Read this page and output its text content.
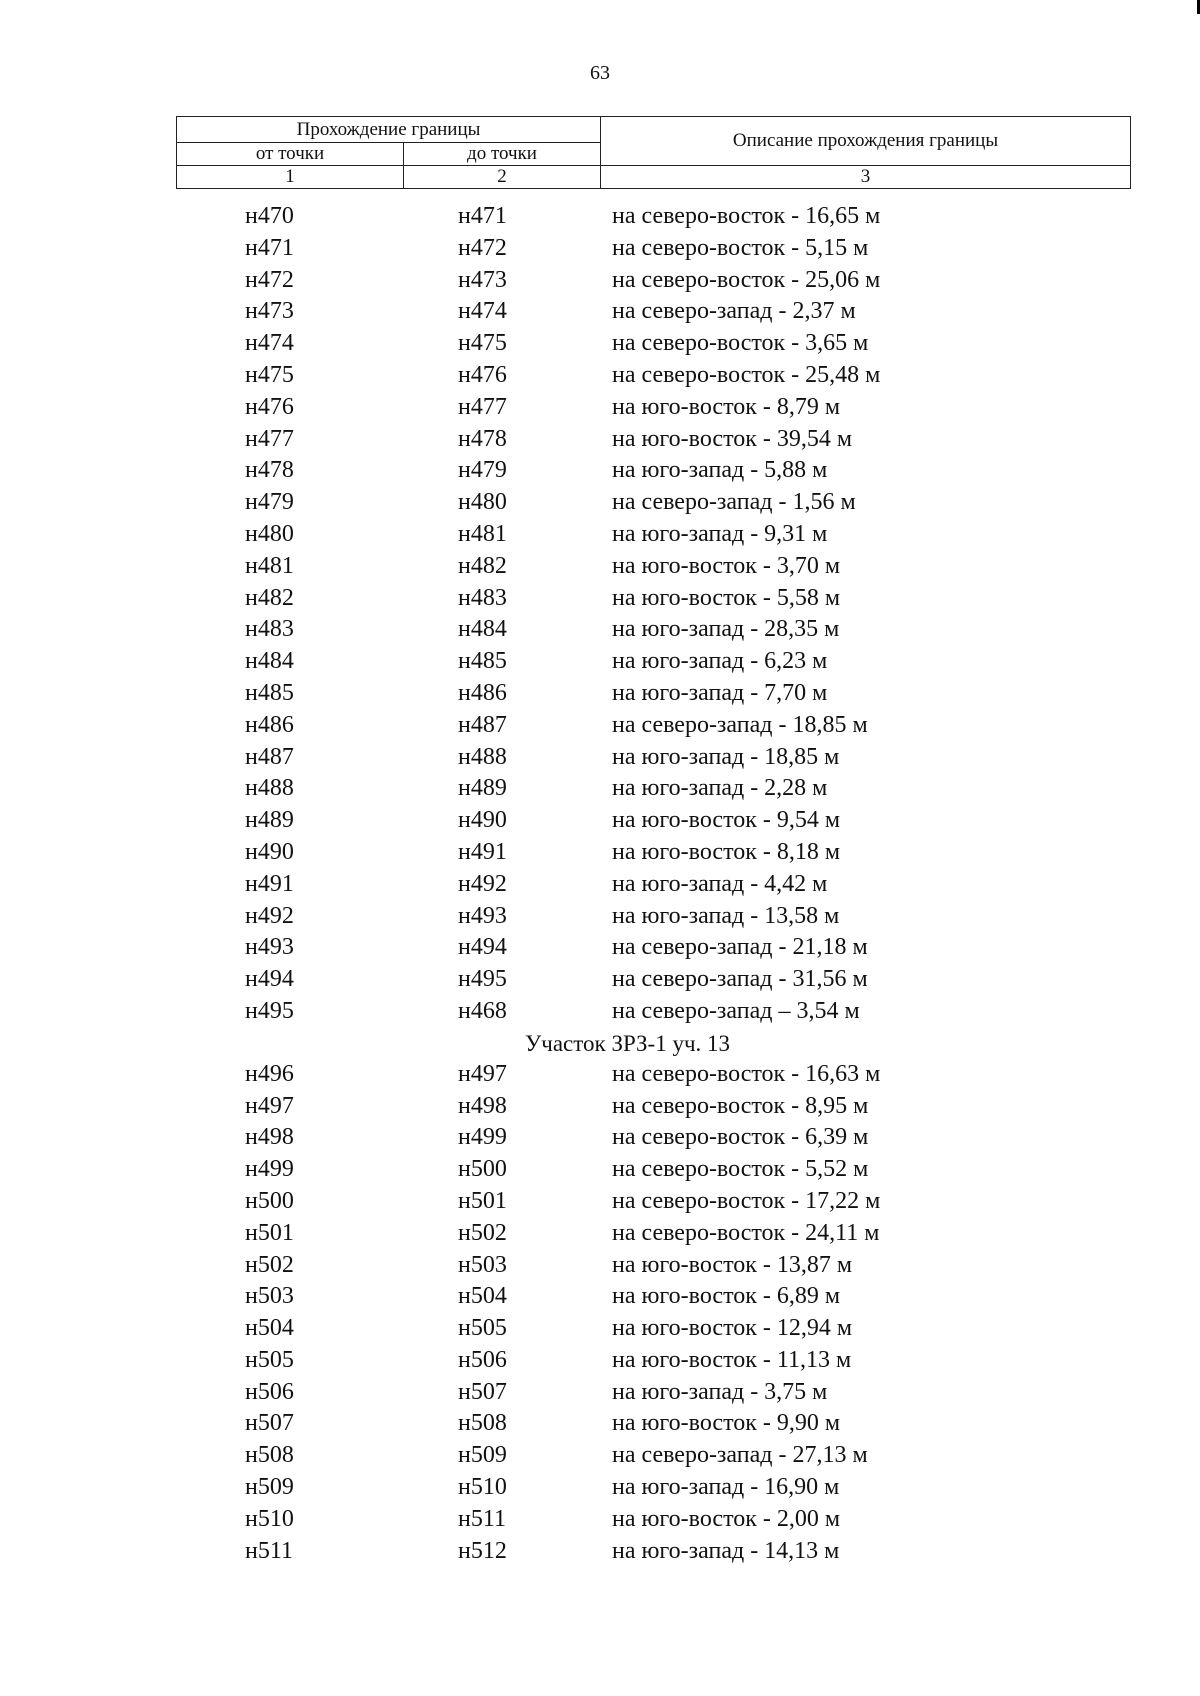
63
Прохождение границы		Описание прохождения границы
от точки	до точки	
1	2	3
н470	н471	на северо-восток - 16,65 м
н471	н472	на северо-восток - 5,15 м
н472	н473	на северо-восток - 25,06 м
н473	н474	на северо-запад - 2,37 м
н474	н475	на северо-восток - 3,65 м
н475	н476	на северо-восток - 25,48 м
н476	н477	на юго-восток - 8,79 м
н477	н478	на юго-восток - 39,54 м
н478	н479	на юго-запад - 5,88 м
н479	н480	на северо-запад - 1,56 м
н480	н481	на юго-запад - 9,31 м
н481	н482	на юго-восток - 3,70 м
н482	н483	на юго-восток - 5,58 м
н483	н484	на юго-запад - 28,35 м
н484	н485	на юго-запад - 6,23 м
н485	н486	на юго-запад - 7,70 м
н486	н487	на северо-запад - 18,85 м
н487	н488	на юго-запад - 18,85 м
н488	н489	на юго-запад - 2,28 м
н489	н490	на юго-восток - 9,54 м
н490	н491	на юго-восток - 8,18 м
н491	н492	на юго-запад - 4,42 м
н492	н493	на юго-запад - 13,58 м
н493	н494	на северо-запад - 21,18 м
н494	н495	на северо-запад - 31,56 м
н495	н468	на северо-запад – 3,54 м
Участок ЗРЗ-1 уч. 13
н496	н497	на северо-восток - 16,63 м
н497	н498	на северо-восток - 8,95 м
н498	н499	на северо-восток - 6,39 м
н499	н500	на северо-восток - 5,52 м
н500	н501	на северо-восток - 17,22 м
н501	н502	на северо-восток - 24,11 м
н502	н503	на юго-восток - 13,87 м
н503	н504	на юго-восток - 6,89 м
н504	н505	на юго-восток - 12,94 м
н505	н506	на юго-восток - 11,13 м
н506	н507	на юго-запад - 3,75 м
н507	н508	на юго-восток - 9,90 м
н508	н509	на северо-запад - 27,13 м
н509	н510	на юго-запад - 16,90 м
н510	н511	на юго-восток - 2,00 м
н511	н512	на юго-запад - 14,13 м
